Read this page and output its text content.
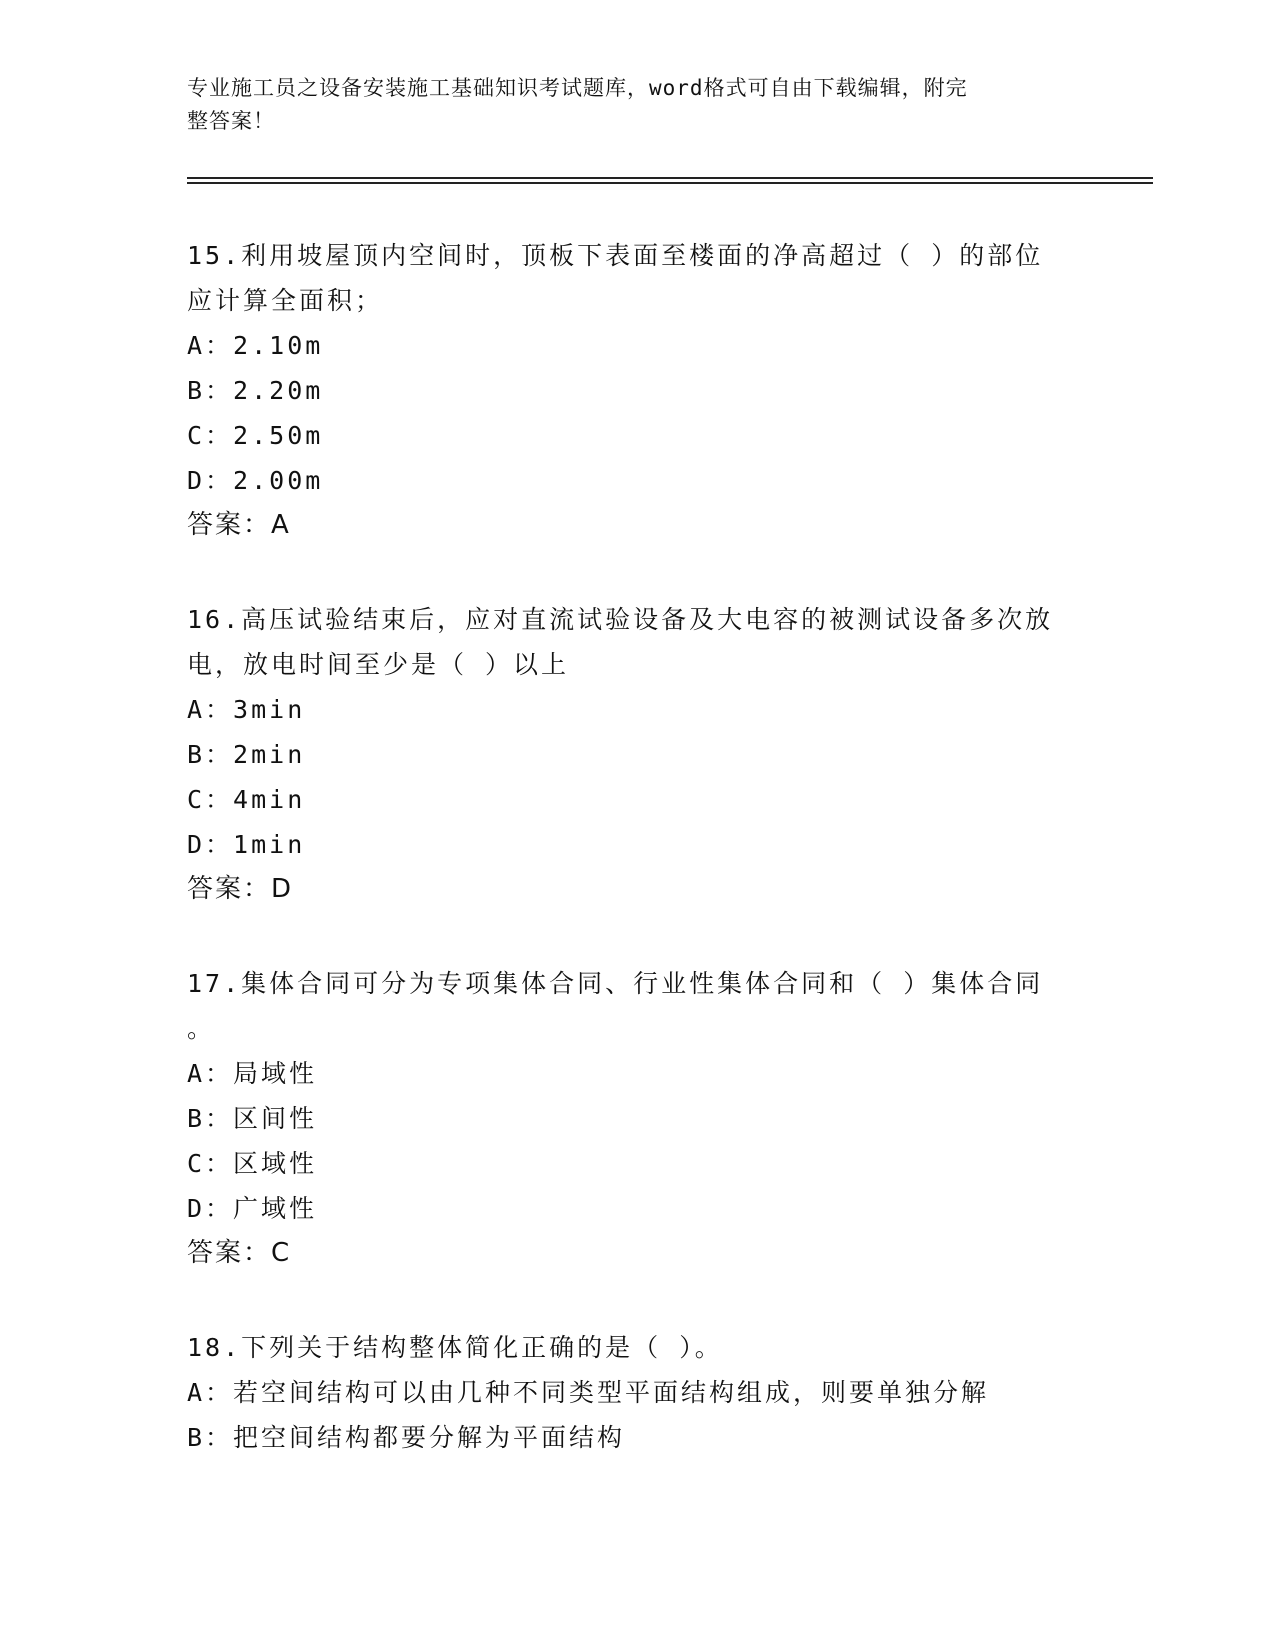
专业施工员之设备安装施工基础知识考试题库，word格式可自由下载编辑，附完
整答案！
15.利用坡屋顶内空间时，顶板下表面至楼面的净高超过（ ）的部位
应计算全面积；
A：2.10m
B：2.20m
C：2.50m
D：2.00m
答案：A
16.高压试验结束后，应对直流试验设备及大电容的被测试设备多次放
电，放电时间至少是（ ）以上
A：3min
B：2min
C：4min
D：1min
答案：D
17.集体合同可分为专项集体合同、行业性集体合同和（ ）集体合同
。
A：局域性
B：区间性
C：区域性
D：广域性
答案：C
18.下列关于结构整体简化正确的是（ ）。
A：若空间结构可以由几种不同类型平面结构组成，则要单独分解
B：把空间结构都要分解为平面结构
